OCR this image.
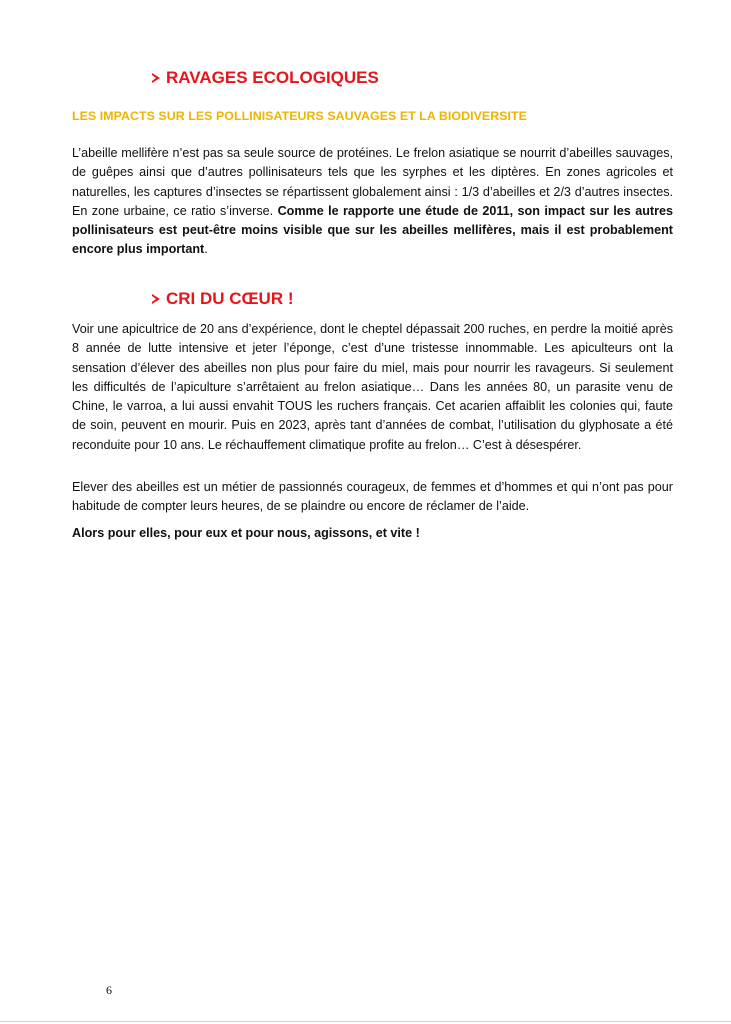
RAVAGES ECOLOGIQUES
LES IMPACTS SUR LES POLLINISATEURS SAUVAGES ET LA BIODIVERSITE
L’abeille mellifère n’est pas sa seule source de protéines. Le frelon asiatique se nourrit d’abeilles sauvages, de guêpes ainsi que d’autres pollinisateurs tels que les syrphes et les diptères. En zones agricoles et naturelles, les captures d’insectes se répartissent globalement ainsi : 1/3 d’abeilles et 2/3 d’autres insectes. En zone urbaine, ce ratio s’inverse. Comme le rapporte une étude de 2011, son impact sur les autres pollinisateurs est peut-être moins visible que sur les abeilles mellifères, mais il est probablement encore plus important.
CRI DU CŒUR !
Voir une apicultrice de 20 ans d’expérience, dont le cheptel dépassait 200 ruches, en perdre la moitié après 8 année de lutte intensive et jeter l’éponge, c’est d’une tristesse innommable. Les apiculteurs ont la sensation d’élever des abeilles non plus pour faire du miel, mais pour nourrir les ravageurs. Si seulement les difficultés de l’apiculture s’arrêtaient au frelon asiatique… Dans les années 80, un parasite venu de Chine, le varroa, a lui aussi envahit TOUS les ruchers français. Cet acarien affaiblit les colonies qui, faute de soin, peuvent en mourir. Puis en 2023, après tant d’années de combat, l’utilisation du glyphosate a été reconduite pour 10 ans. Le réchauffement climatique profite au frelon… C’est à désespérer.
Elever des abeilles est un métier de passionnés courageux, de femmes et d’hommes et qui n’ont pas pour habitude de compter leurs heures, de se plaindre ou encore de réclamer de l’aide.
Alors pour elles, pour eux et pour nous, agissons, et vite !
6
